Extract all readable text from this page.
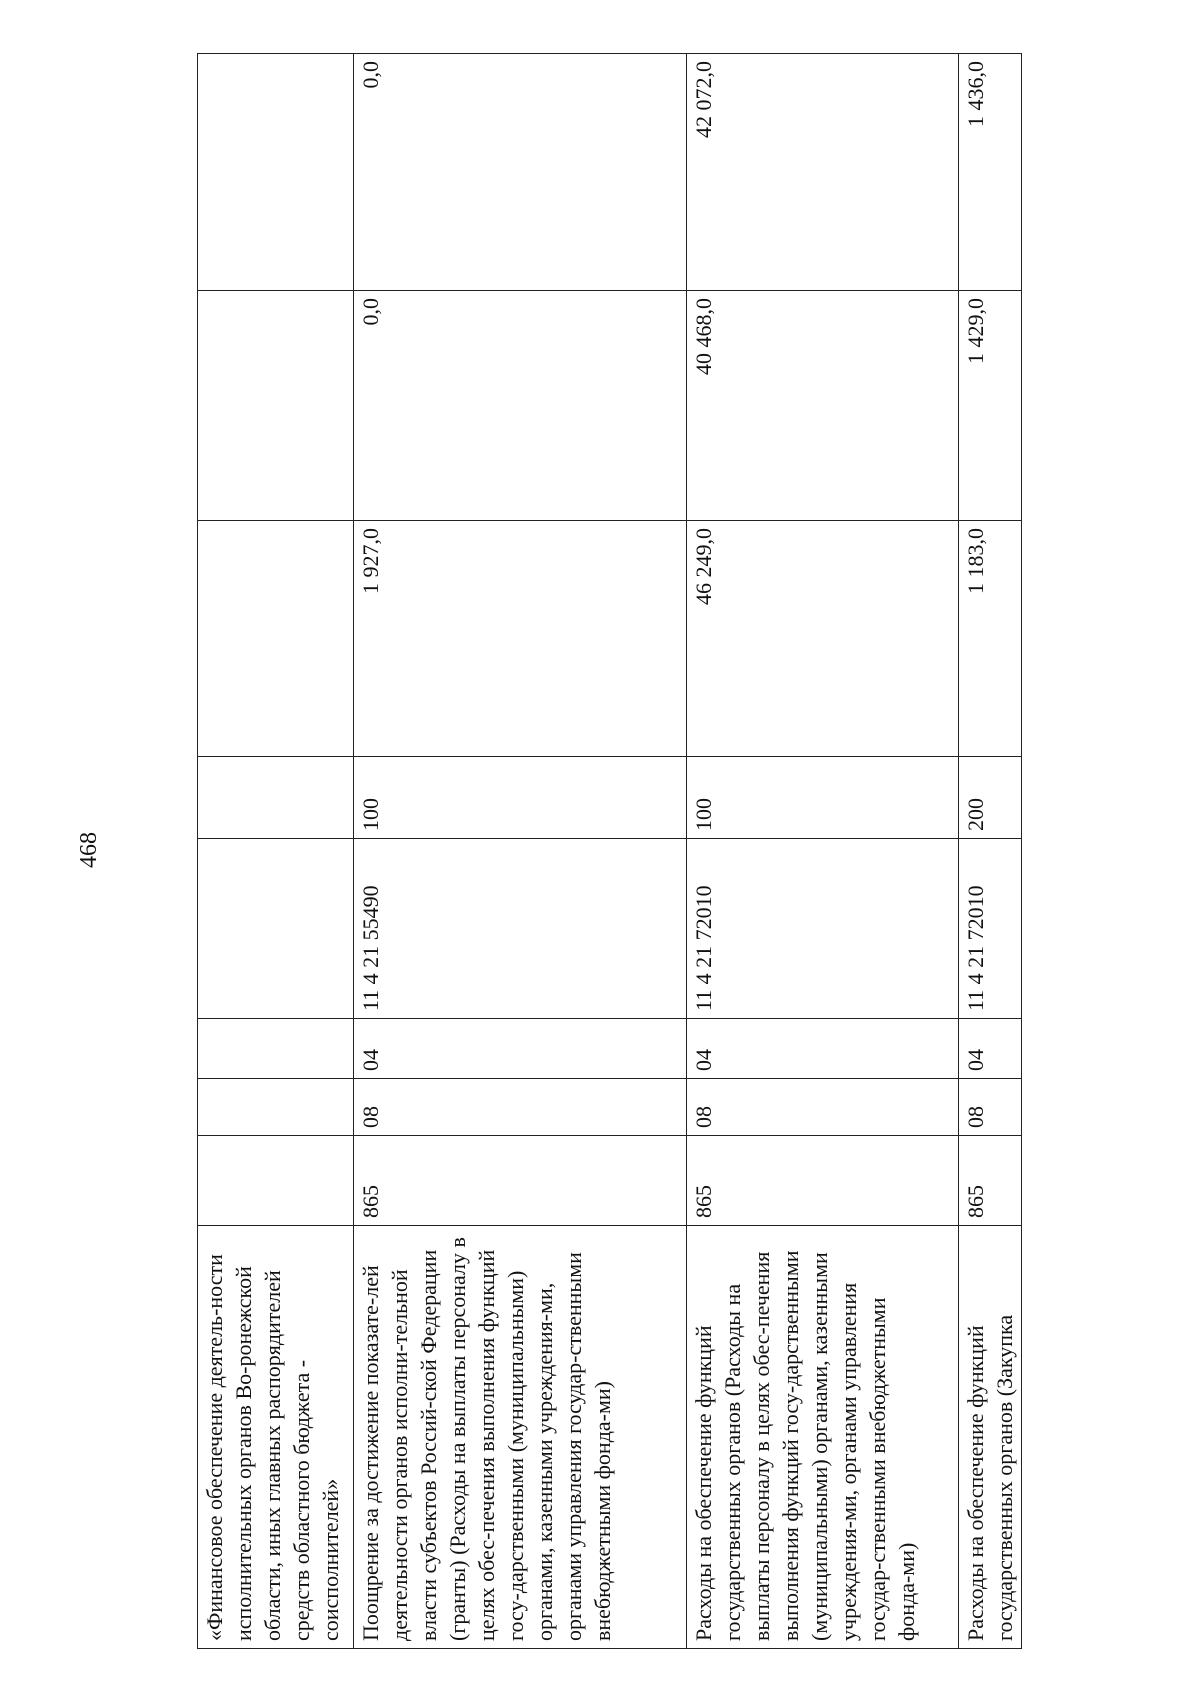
468
«Финансовое обеспечение деятель-ности исполнительных органов Во-ронежской области, иных главных распорядителей средств областного бюджета - соисполнителей»								
Поощрение за достижение показате-лей деятельности органов исполни-тельной власти субъектов Россий-ской Федерации (гранты) (Расходы на выплаты персоналу в целях обес-печения выполнения функций госу-дарственными (муниципальными) органами, казенными учреждения-ми, органами управления государ-ственными внебюджетными фонда-ми)	865	08	04	11 4 21 55490	100	1 927,0	0,0	0,0
Расходы на обеспечение функций государственных органов (Расходы на выплаты персоналу в целях обес-печения выполнения функций госу-дарственными (муниципальными) органами, казенными учреждения-ми, органами управления государ-ственными внебюджетными фонда-ми)	865	08	04	11 4 21 72010	100	46 249,0	40 468,0	42 072,0
Расходы на обеспечение функций государственных органов (Закупка	865	08	04	11 4 21 72010	200	1 183,0	1 429,0	1 436,0
